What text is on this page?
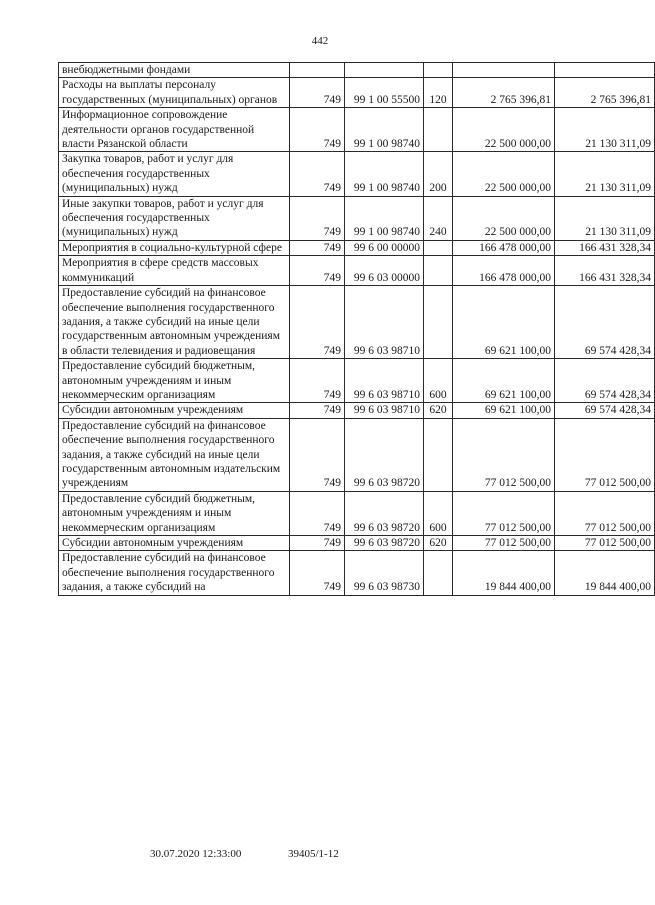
442
внебюджетными фондами					
Расходы на выплаты персоналу государственных (муниципальных) органов	749	99 1 00 55500	120	2 765 396,81	2 765 396,81
Информационное сопровождение деятельности органов государственной власти Рязанской области	749	99 1 00 98740		22 500 000,00	21 130 311,09
Закупка товаров, работ и услуг для обеспечения государственных (муниципальных) нужд	749	99 1 00 98740	200	22 500 000,00	21 130 311,09
Иные закупки товаров, работ и услуг для обеспечения государственных (муниципальных) нужд	749	99 1 00 98740	240	22 500 000,00	21 130 311,09
Мероприятия в социально-культурной сфере	749	99 6 00 00000		166 478 000,00	166 431 328,34
Мероприятия в сфере средств массовых коммуникаций	749	99 6 03 00000		166 478 000,00	166 431 328,34
Предоставление субсидий на финансовое обеспечение выполнения государственного задания, а также субсидий на иные цели государственным автономным учреждениям в области телевидения и радиовещания	749	99 6 03 98710		69 621 100,00	69 574 428,34
Предоставление субсидий бюджетным, автономным учреждениям и иным некоммерческим организациям	749	99 6 03 98710	600	69 621 100,00	69 574 428,34
Субсидии автономным учреждениям	749	99 6 03 98710	620	69 621 100,00	69 574 428,34
Предоставление субсидий на финансовое обеспечение выполнения государственного задания, а также субсидий на иные цели государственным автономным издательским учреждениям	749	99 6 03 98720		77 012 500,00	77 012 500,00
Предоставление субсидий бюджетным, автономным учреждениям и иным некоммерческим организациям	749	99 6 03 98720	600	77 012 500,00	77 012 500,00
Субсидии автономным учреждениям	749	99 6 03 98720	620	77 012 500,00	77 012 500,00
Предоставление субсидий на финансовое обеспечение выполнения государственного задания, а также субсидий на	749	99 6 03 98730		19 844 400,00	19 844 400,00
30.07.2020 12:33:00	39405/1-12
